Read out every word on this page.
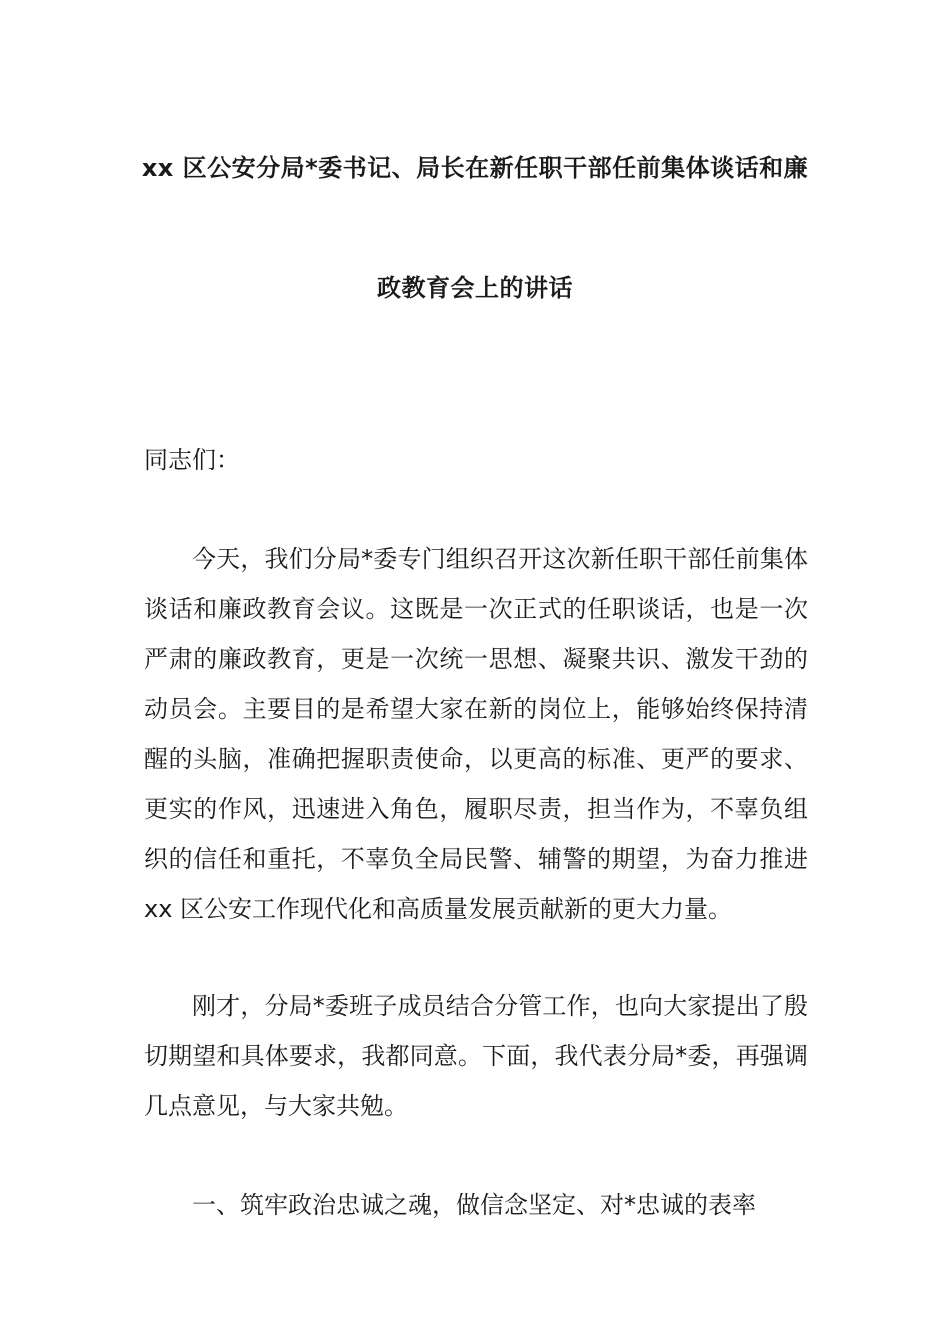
xx 区公安分局*委书记、局长在新任职干部任前集体谈话和廉
政教育会上的讲话
同志们：

今天，我们分局*委专门组织召开这次新任职干部任前集体谈话和廉政教育会议。这既是一次正式的任职谈话，也是一次严肃的廉政教育，更是一次统一思想、凝聚共识、激发干劲的动员会。主要目的是希望大家在新的岗位上，能够始终保持清醒的头脑，准确把握职责使命，以更高的标准、更严的要求、更实的作风，迅速进入角色，履职尽责，担当作为，不辜负组织的信任和重托，不辜负全局民警、辅警的期望，为奋力推进 xx 区公安工作现代化和高质量发展贡献新的更大力量。

刚才，分局*委班子成员结合分管工作，也向大家提出了殷切期望和具体要求，我都同意。下面，我代表分局*委，再强调几点意见，与大家共勉。

一、筑牢政治忠诚之魂，做信念坚定、对*忠诚的表率
